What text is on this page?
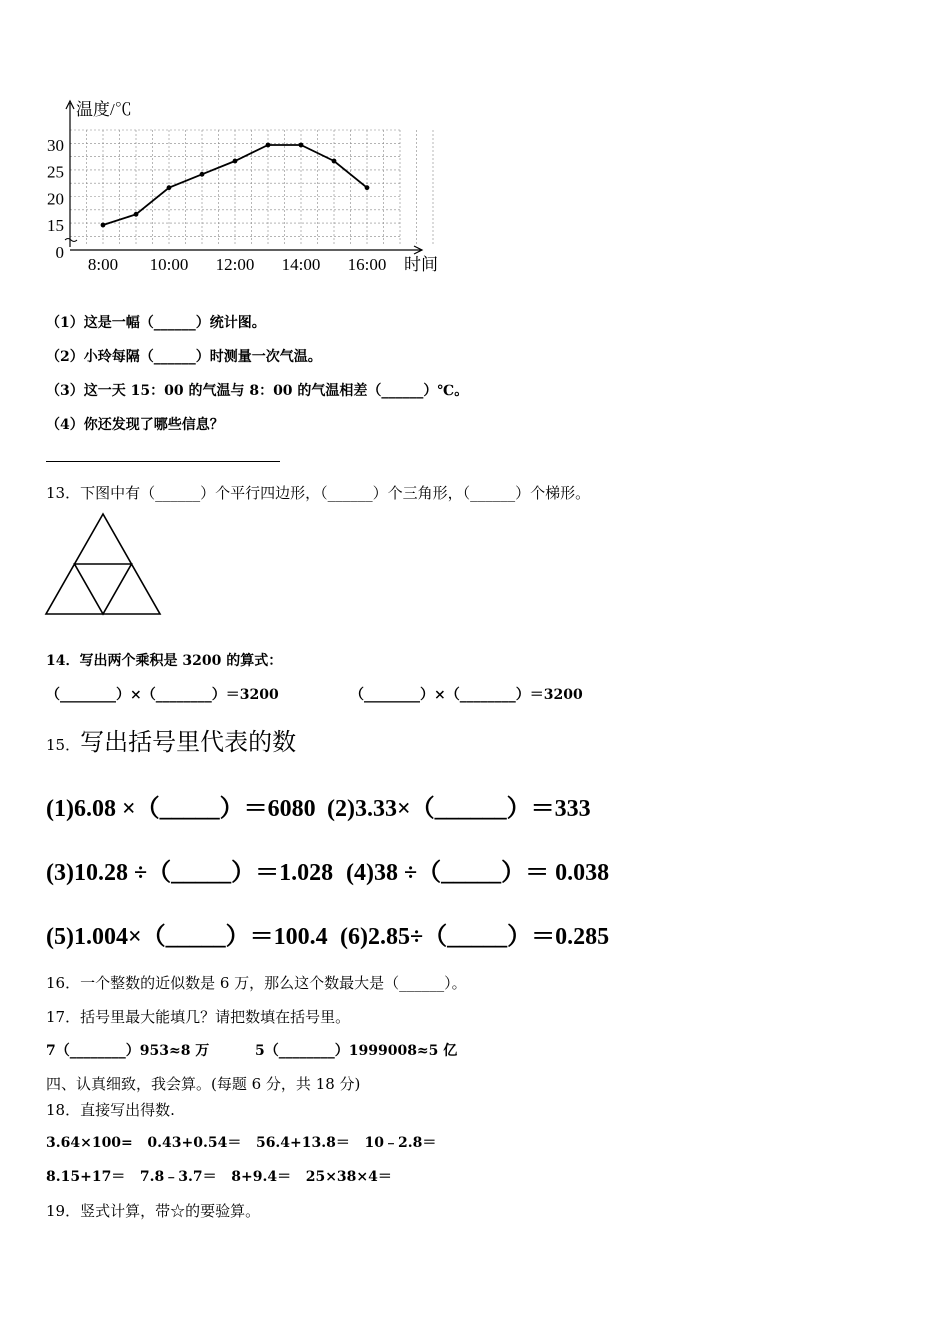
温度/℃
时间
0
15
20
25
30
8:00 10:00 12:00 14:00 16:00
（1）这是一幅（______）统计图。
（2）小玲每隔（______）时测量一次气温。
（3）这一天 15：00 的气温与 8：00 的气温相差（______）℃。
（4）你还发现了哪些信息？
13．下图中有（______）个平行四边形，（______）个三角形，（______）个梯形。
14．写出两个乘积是 3200 的算式：
（________）×（________）＝3200	（________）×（________）＝3200
15．写出括号里代表的数
(1)6.08 ×（_____）＝6080 (2)3.33×（______）＝333
(3)10.28 ÷（_____）＝1.028 (4)38 ÷（_____）＝ 0.038
(5)1.004×（_____）＝100.4 (6)2.85÷（_____）＝0.285
16．一个整数的近似数是 6 万，那么这个数最大是（______）。
17．括号里最大能填几？请把数填在括号里。
7（________）953≈8 万	5（________）1999008≈5 亿
四、认真细致，我会算。(每题 6 分，共 18 分)
18．直接写出得数.
3.64×100=   0.43+0.54＝   56.4+13.8＝   10﹣2.8＝
8.15+17＝   7.8﹣3.7＝   8+9.4＝   25×38×4＝
19．竖式计算，带☆的要验算。
